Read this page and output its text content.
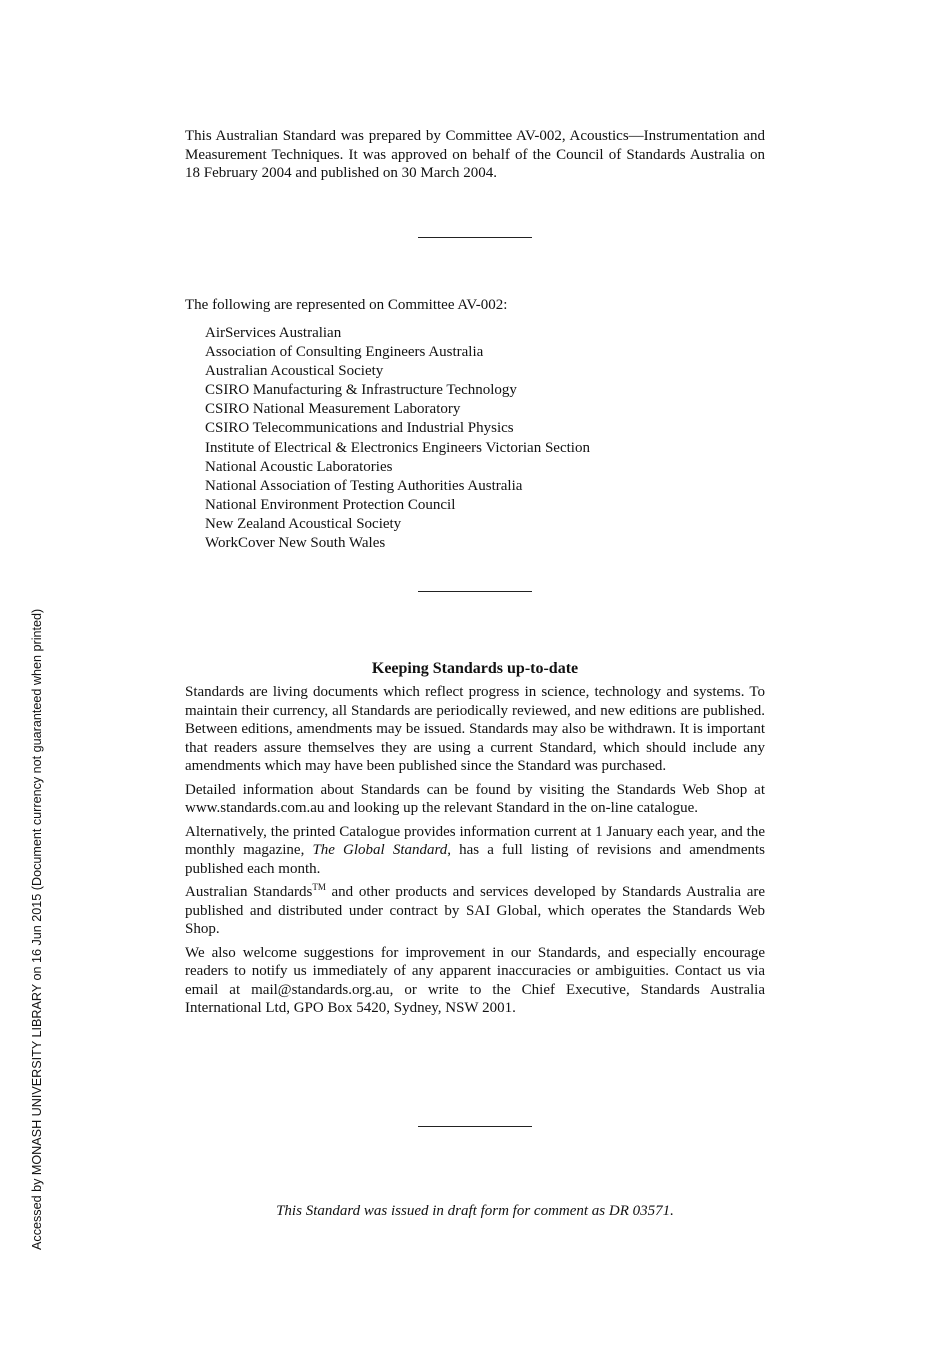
This Australian Standard was prepared by Committee AV-002, Acoustics—Instrumentation and Measurement Techniques. It was approved on behalf of the Council of Standards Australia on 18 February 2004 and published on 30 March 2004.
The following are represented on Committee AV-002:
AirServices Australian
Association of Consulting Engineers Australia
Australian Acoustical Society
CSIRO Manufacturing & Infrastructure Technology
CSIRO National Measurement Laboratory
CSIRO Telecommunications and Industrial Physics
Institute of Electrical & Electronics Engineers Victorian Section
National Acoustic Laboratories
National Association of Testing Authorities Australia
National Environment Protection Council
New Zealand Acoustical Society
WorkCover New South Wales
Keeping Standards up-to-date

Standards are living documents which reflect progress in science, technology and systems. To maintain their currency, all Standards are periodically reviewed, and new editions are published. Between editions, amendments may be issued. Standards may also be withdrawn. It is important that readers assure themselves they are using a current Standard, which should include any amendments which may have been published since the Standard was purchased.

Detailed information about Standards can be found by visiting the Standards Web Shop at www.standards.com.au and looking up the relevant Standard in the on-line catalogue.

Alternatively, the printed Catalogue provides information current at 1 January each year, and the monthly magazine, The Global Standard, has a full listing of revisions and amendments published each month.

Australian Standards™ and other products and services developed by Standards Australia are published and distributed under contract by SAI Global, which operates the Standards Web Shop.

We also welcome suggestions for improvement in our Standards, and especially encourage readers to notify us immediately of any apparent inaccuracies or ambiguities. Contact us via email at mail@standards.org.au, or write to the Chief Executive, Standards Australia International Ltd, GPO Box 5420, Sydney, NSW 2001.

This Standard was issued in draft form for comment as DR 03571.
Accessed by MONASH UNIVERSITY LIBRARY on 16 Jun 2015 (Document currency not guaranteed when printed)
